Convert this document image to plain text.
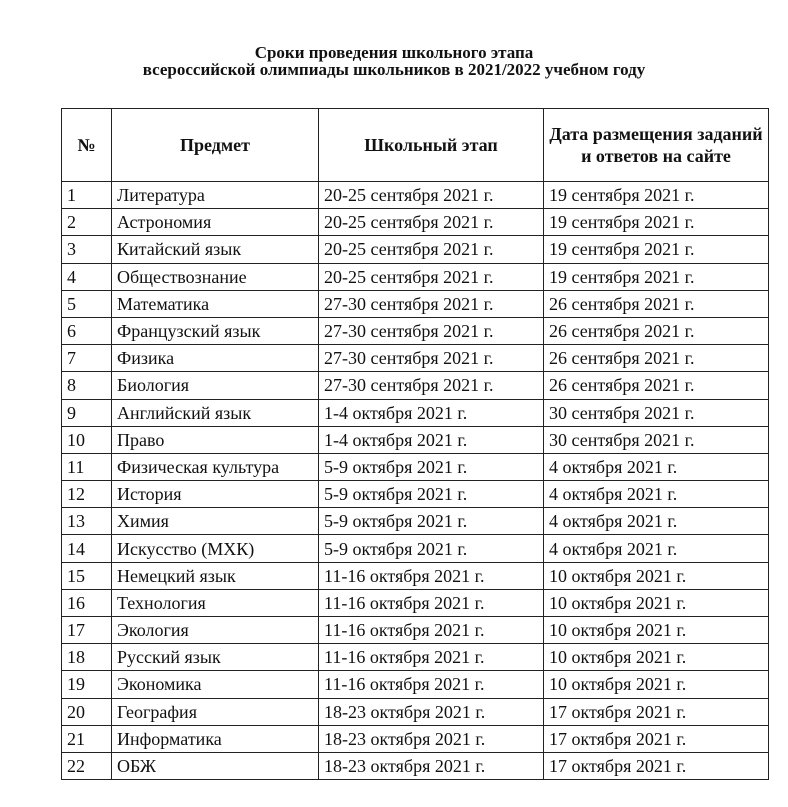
Сроки проведения школьного этапа
всероссийской олимпиады школьников в 2021/2022 учебном году
№	Предмет	Школьный этап	Дата размещения заданий и ответов на сайте
1	Литература	20-25 сентября 2021 г.	19 сентября 2021 г.
2	Астрономия	20-25 сентября 2021 г.	19 сентября 2021 г.
3	Китайский язык	20-25 сентября 2021 г.	19 сентября 2021 г.
4	Обществознание	20-25 сентября 2021 г.	19 сентября 2021 г.
5	Математика	27-30 сентября 2021 г.	26 сентября 2021 г.
6	Французский язык	27-30 сентября 2021 г.	26 сентября 2021 г.
7	Физика	27-30 сентября 2021 г.	26 сентября 2021 г.
8	Биология	27-30 сентября 2021 г.	26 сентября 2021 г.
9	Английский язык	1-4 октября 2021 г.	30 сентября 2021 г.
10	Право	1-4 октября 2021 г.	30 сентября 2021 г.
11	Физическая культура	5-9 октября 2021 г.	4 октября 2021 г.
12	История	5-9 октября 2021 г.	4 октября 2021 г.
13	Химия	5-9 октября 2021 г.	4 октября 2021 г.
14	Искусство (МХК)	5-9 октября 2021 г.	4 октября 2021 г.
15	Немецкий язык	11-16 октября 2021 г.	10 октября 2021 г.
16	Технология	11-16 октября 2021 г.	10 октября 2021 г.
17	Экология	11-16 октября 2021 г.	10 октября 2021 г.
18	Русский язык	11-16 октября 2021 г.	10 октября 2021 г.
19	Экономика	11-16 октября 2021 г.	10 октября 2021 г.
20	География	18-23 октября 2021 г.	17 октября 2021 г.
21	Информатика	18-23 октября 2021 г.	17 октября 2021 г.
22	ОБЖ	18-23 октября 2021 г.	17 октября 2021 г.
